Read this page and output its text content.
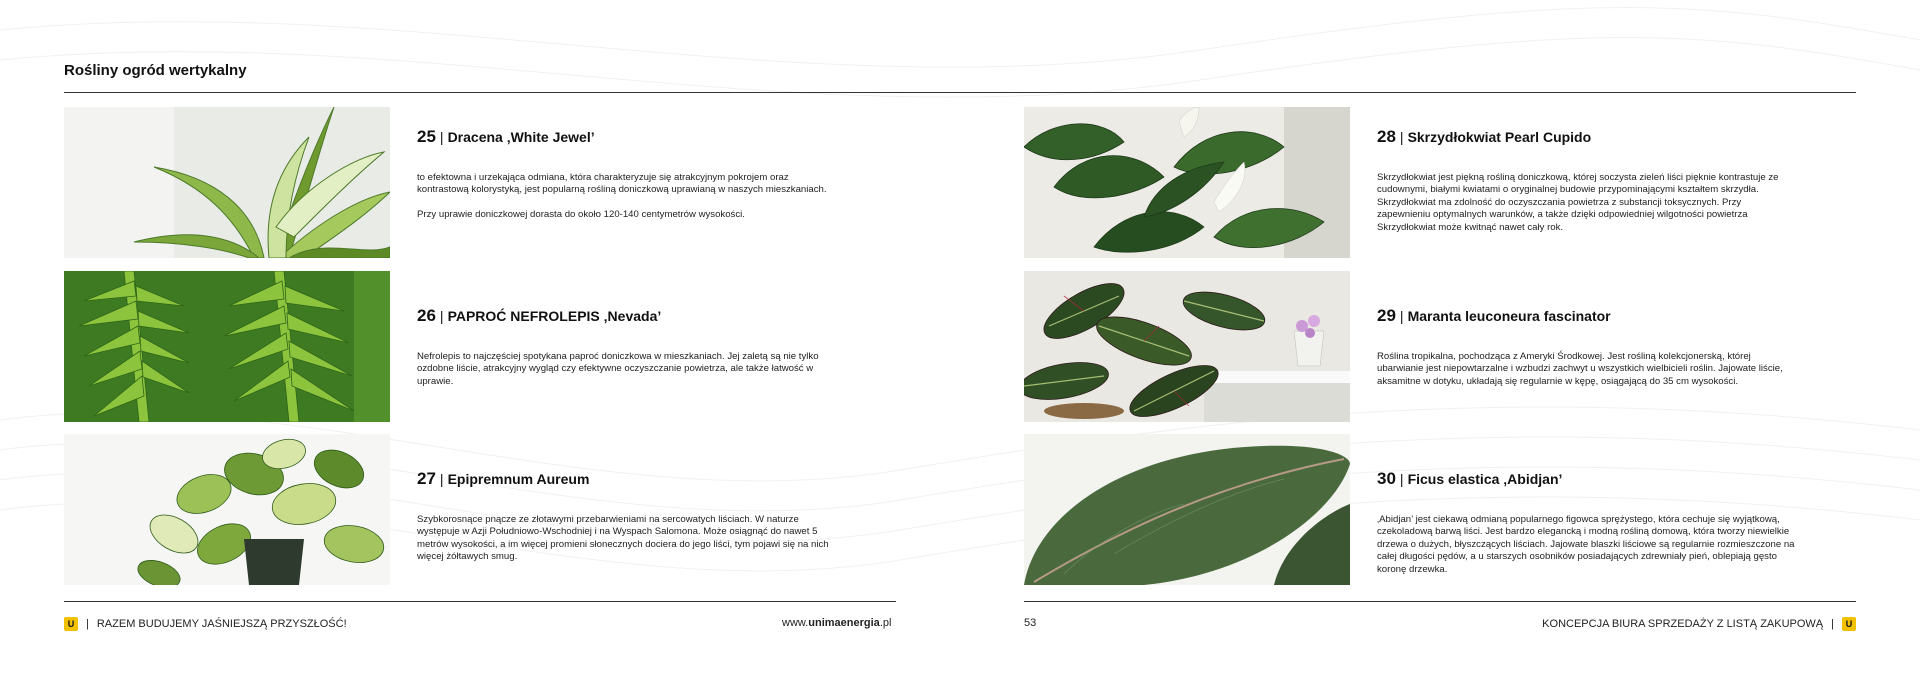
Rośliny ogród wertykalny
25 | Dracena ‚White Jewel’

to efektowna i urzekająca odmiana, która charakteryzuje się atrakcyjnym pokrojem oraz kontrastową kolorystyką, jest popularną rośliną doniczkową uprawianą w naszych mieszkaniach.

Przy uprawie doniczkowej dorasta do około 120-140 centymetrów wysokości.

26 | PAPROĆ NEFROLEPIS ‚Nevada’

Nefrolepis to najczęściej spotykana paproć doniczkowa w mieszkaniach. Jej zaletą są nie tylko ozdobne liście, atrakcyjny wygląd czy efektywne oczyszczanie powietrza, ale także łatwość w uprawie.

27 | Epipremnum Aureum

Szybkorosnące pnącze ze złotawymi przebarwieniami na sercowatych liściach. W naturze występuje w Azji Południowo-Wschodniej i na Wyspach Salomona. Może osiągnąć do nawet 5 metrów wysokości, a im więcej promieni słonecznych dociera do jego liści, tym pojawi się na nich więcej żółtawych smug.

28 | Skrzydłokwiat Pearl Cupido

Skrzydłokwiat jest piękną rośliną doniczkową, której soczysta zieleń liści pięknie kontrastuje ze cudownymi, białymi kwiatami o oryginalnej budowie przypominającymi kształtem skrzydła. Skrzydłokwiat ma zdolność do oczyszczania powietrza z substancji toksycznych. Przy zapewnieniu optymalnych warunków, a także dzięki odpowiedniej wilgotności powietrza Skrzydłokwiat może kwitnąć nawet cały rok.

29 | Maranta leuconeura fascinator

Roślina tropikalna, pochodząca z Ameryki Środkowej. Jest rośliną kolekcjonerską, której ubarwianie jest niepowtarzalne i wzbudzi zachwyt u wszystkich wielbicieli roślin. Jajowate liście, aksamitne w dotyku, układają się regularnie w kępę, osiągającą do 35 cm wysokości.

30 | Ficus elastica ‚Abidjan’

‚Abidjan’ jest ciekawą odmianą popularnego figowca sprężystego, która cechuje się wyjątkową, czekoladową barwą liści. Jest bardzo elegancką i modną rośliną domową, która tworzy niewielkie drzewa o dużych, błyszczących liściach. Jajowate blaszki liściowe są regularnie rozmieszczone na całej długości pędów, a u starszych osobników posiadających zdrewniały pień, oblepiają gęsto koronę drzewka.

U | RAZEM BUDUJEMY JAŚNIEJSZĄ PRZYSZŁOŚĆ!	www. unimaenergia .pl	53	KONCEPCJA BIURA SPRZEDAŻY Z LISTĄ ZAKUPOWĄ | U
